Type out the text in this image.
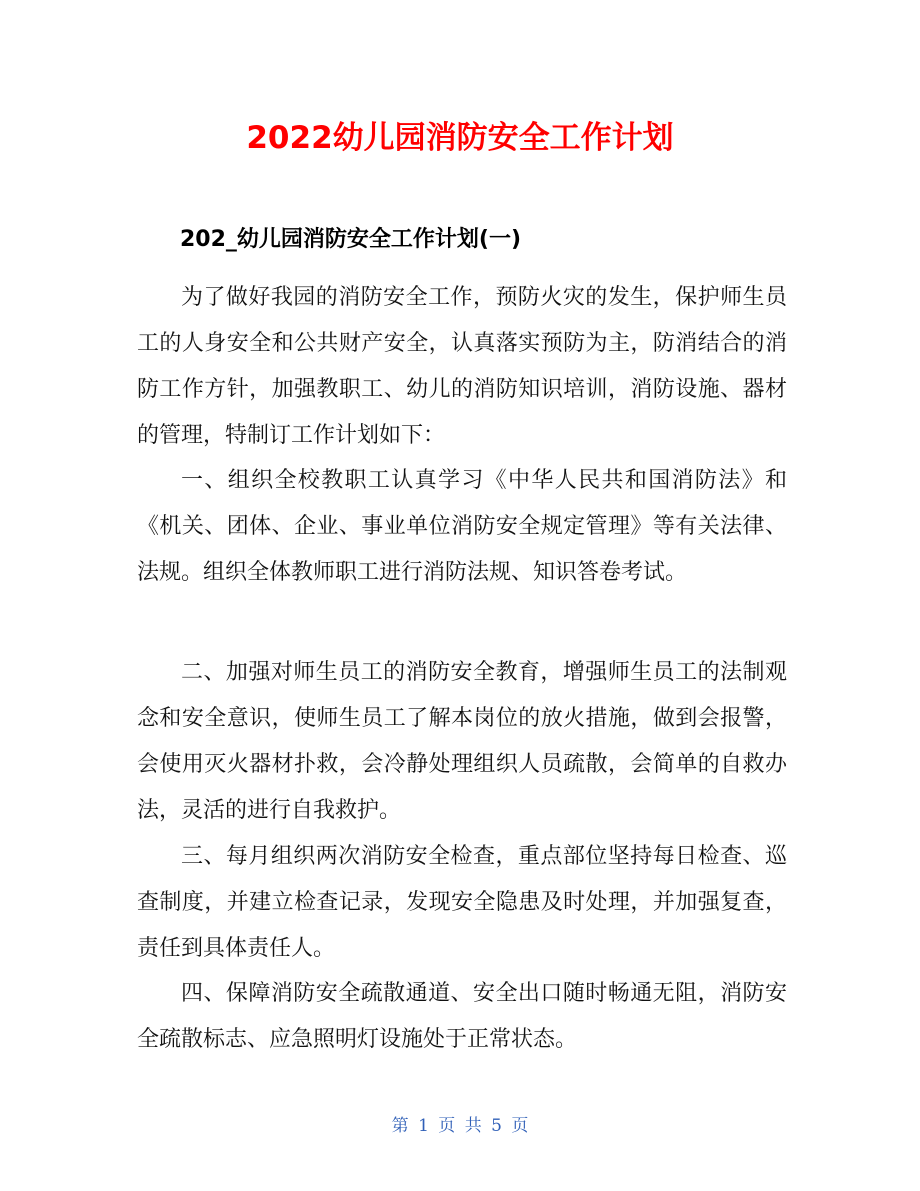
2022幼儿园消防安全工作计划
202_幼儿园消防安全工作计划(一)

为了做好我园的消防安全工作，预防火灾的发生，保护师生员工的人身安全和公共财产安全，认真落实预防为主，防消结合的消防工作方针，加强教职工、幼儿的消防知识培训，消防设施、器材的管理，特制订工作计划如下：

一、组织全校教职工认真学习《中华人民共和国消防法》和《机关、团体、企业、事业单位消防安全规定管理》等有关法律、法规。组织全体教师职工进行消防法规、知识答卷考试。

二、加强对师生员工的消防安全教育，增强师生员工的法制观念和安全意识，使师生员工了解本岗位的放火措施，做到会报警，会使用灭火器材扑救，会冷静处理组织人员疏散，会简单的自救办法，灵活的进行自我救护。

三、每月组织两次消防安全检查，重点部位坚持每日检查、巡查制度，并建立检查记录，发现安全隐患及时处理，并加强复查，责任到具体责任人。

四、保障消防安全疏散通道、安全出口随时畅通无阻，消防安全疏散标志、应急照明灯设施处于正常状态。

第 1 页 共 5 页
